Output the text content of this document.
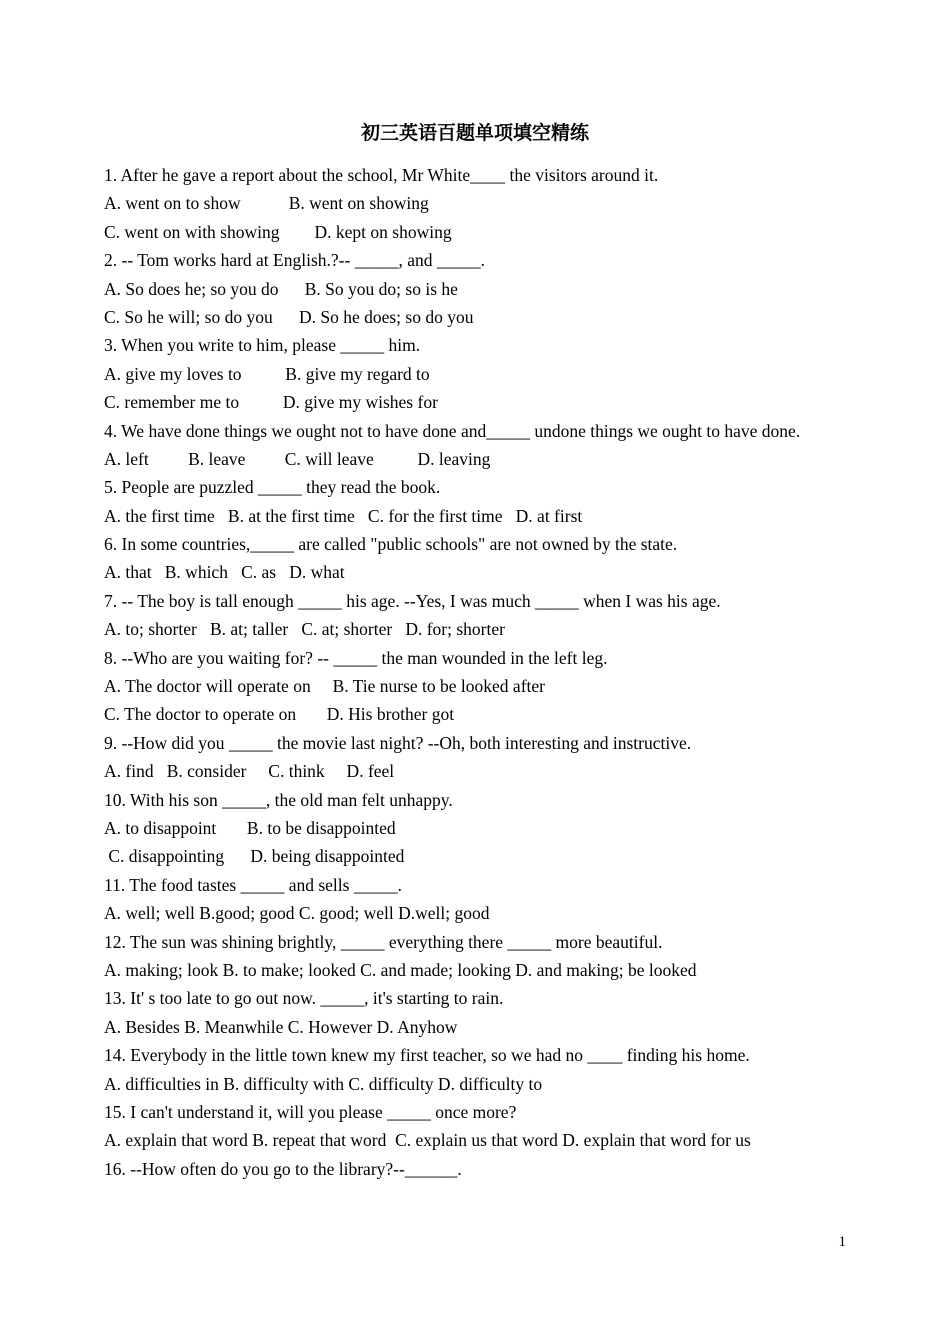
初三英语百题单项填空精练
1. After he gave a report about the school, Mr White____ the visitors around it.
A. went on to show           B. went on showing
C. went on with showing        D. kept on showing
2. -- Tom works hard at English.?-- _____, and _____.
A. So does he; so you do      B. So you do; so is he
C. So he will; so do you      D. So he does; so do you
3. When you write to him, please _____ him.
A. give my loves to          B. give my regard to
C. remember me to          D. give my wishes for
4. We have done things we ought not to have done and_____ undone things we ought to have done.
A. left         B. leave         C. will leave          D. leaving
5. People are puzzled _____ they read the book.
A. the first time   B. at the first time   C. for the first time   D. at first
6. In some countries,_____ are called "public schools" are not owned by the state.
A. that   B. which   C. as   D. what
7. -- The boy is tall enough _____ his age. --Yes, I was much _____ when I was his age.
A. to; shorter   B. at; taller   C. at; shorter   D. for; shorter
8. --Who are you waiting for? -- _____ the man wounded in the left leg.
A. The doctor will operate on     B. Tie nurse to be looked after
C. The doctor to operate on       D. His brother got
9. --How did you _____ the movie last night? --Oh, both interesting and instructive.
A. find   B. consider     C. think     D. feel
10. With his son _____, the old man felt unhappy.
A. to disappoint       B. to be disappointed
C. disappointing      D. being disappointed
11. The food tastes _____ and sells _____.
A. well; well B.good; good C. good; well D.well; good
12. The sun was shining brightly, _____ everything there _____ more beautiful.
A. making; look B. to make; looked C. and made; looking D. and making; be looked
13. It' s too late to go out now. _____, it's starting to rain.
A. Besides B. Meanwhile C. However D. Anyhow
14. Everybody in the little town knew my first teacher, so we had no ____ finding his home.
A. difficulties in B. difficulty with C. difficulty D. difficulty to
15. I can't understand it, will you please _____ once more?
A. explain that word B. repeat that word  C. explain us that word D. explain that word for us
16. --How often do you go to the library?--______.
1
